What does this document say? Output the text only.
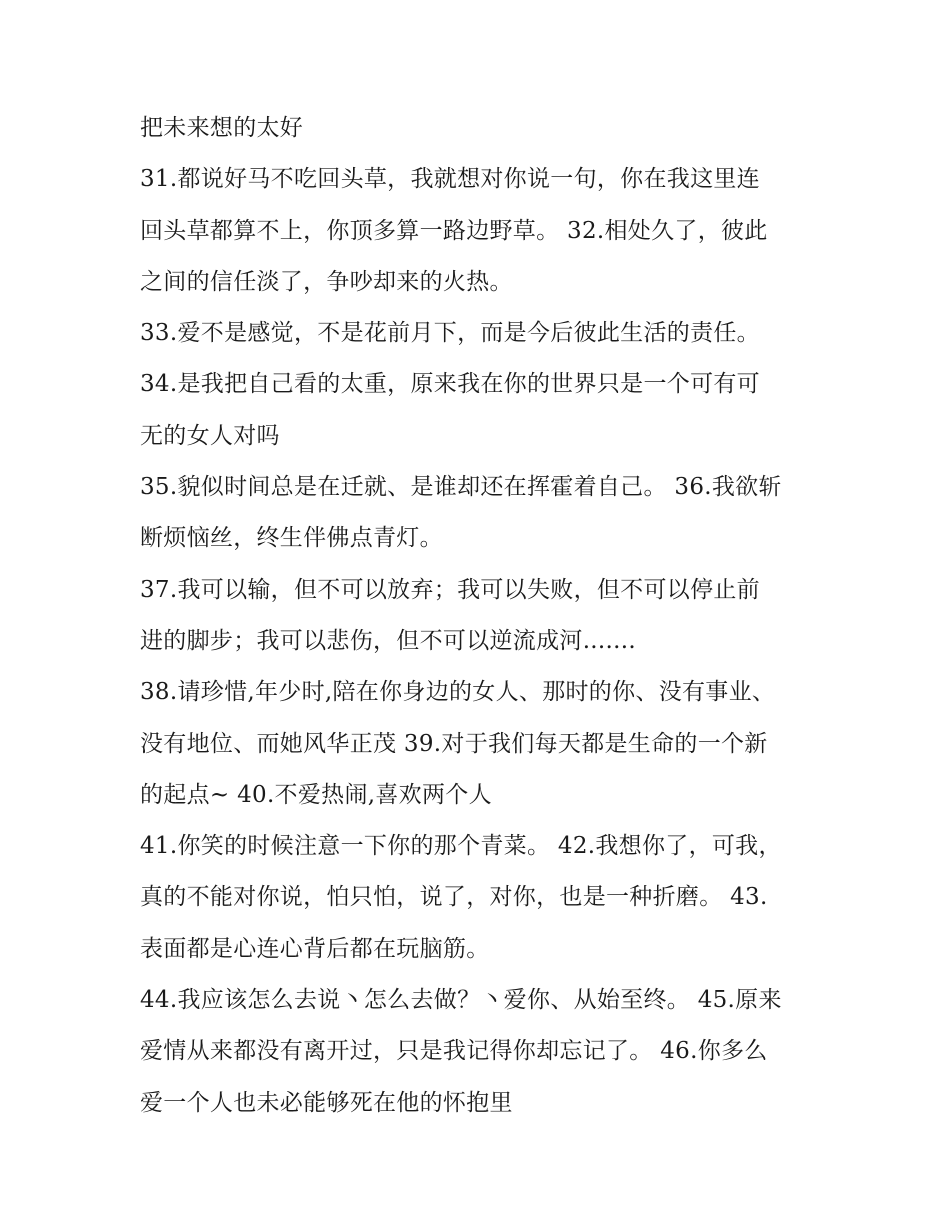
把未来想的太好
31.都说好马不吃回头草，我就想对你说一句，你在我这里连
回头草都算不上，你顶多算一路边野草。 32.相处久了，彼此
之间的信任淡了，争吵却来的火热。
33.爱不是感觉，不是花前月下，而是今后彼此生活的责任。
34.是我把自己看的太重，原来我在你的世界只是一个可有可
无的女人对吗
35.貌似时间总是在迁就、是谁却还在挥霍着自己。 36.我欲斩
断烦恼丝，终生伴佛点青灯。
37.我可以输，但不可以放弃；我可以失败，但不可以停止前
进的脚步；我可以悲伤，但不可以逆流成河.......
38.请珍惜,年少时,陪在你身边的女人、那时的你、没有事业、
没有地位、而她风华正茂 39.对于我们每天都是生命的一个新
的起点~ 40.不爱热闹,喜欢两个人
41.你笑的时候注意一下你的那个青菜。 42.我想你了，可我，
真的不能对你说，怕只怕，说了，对你，也是一种折磨。 43.
表面都是心连心背后都在玩脑筋。
44.我应该怎么去说丶怎么去做？丶爱你、从始至终。 45.原来
爱情从来都没有离开过，只是我记得你却忘记了。 46.你多么
爱一个人也未必能够死在他的怀抱里
